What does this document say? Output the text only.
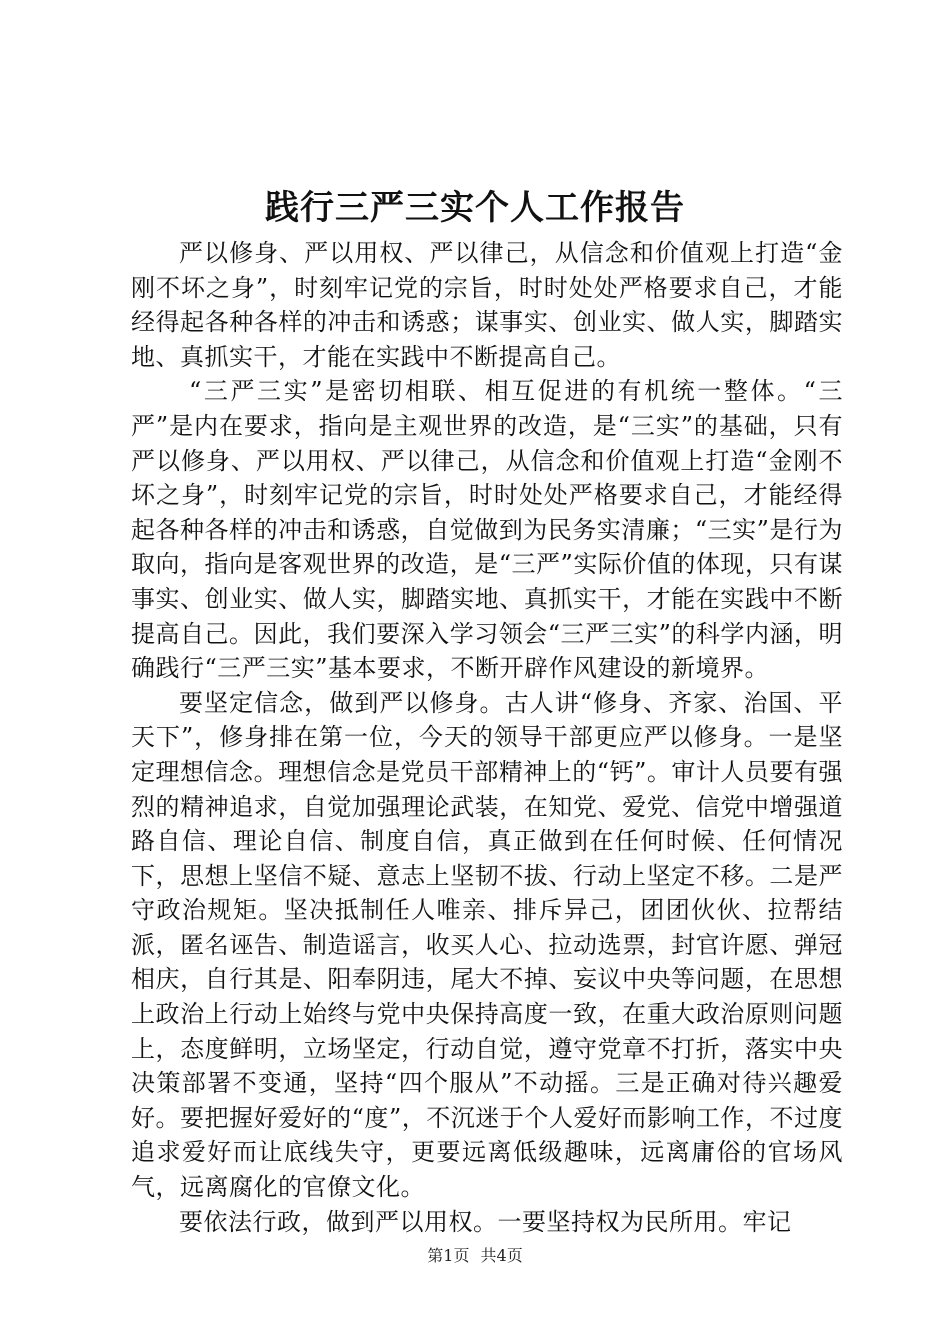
践行三严三实个人工作报告

严以修身、严以用权、严以律己，从信念和价值观上打造“金刚不坏之身”，时刻牢记党的宗旨，时时处处严格要求自己，才能经得起各种各样的冲击和诱惑；谋事实、创业实、做人实，脚踏实地、真抓实干，才能在实践中不断提高自己。

“三严三实”是密切相联、相互促进的有机统一整体。“三严”是内在要求，指向是主观世界的改造，是“三实”的基础，只有严以修身、严以用权、严以律己，从信念和价值观上打造“金刚不坏之身”，时刻牢记党的宗旨，时时处处严格要求自己，才能经得起各种各样的冲击和诱惑，自觉做到为民务实清廉；“三实”是行为取向，指向是客观世界的改造，是“三严”实际价值的体现，只有谋事实、创业实、做人实，脚踏实地、真抓实干，才能在实践中不断提高自己。因此，我们要深入学习领会“三严三实”的科学内涵，明确践行“三严三实”基本要求，不断开辟作风建设的新境界。

要坚定信念，做到严以修身。古人讲“修身、齐家、治国、平天下”，修身排在第一位，今天的领导干部更应严以修身。一是坚定理想信念。理想信念是党员干部精神上的“钙”。审计人员要有强烈的精神追求，自觉加强理论武装，在知党、爱党、信党中增强道路自信、理论自信、制度自信，真正做到在任何时候、任何情况下，思想上坚信不疑、意志上坚韧不拔、行动上坚定不移。二是严守政治规矩。坚决抵制任人唯亲、排斥异己，团团伙伙、拉帮结派，匿名诬告、制造谣言，收买人心、拉动选票，封官许愿、弹冠相庆，自行其是、阳奉阴违，尾大不掉、妄议中央等问题，在思想上政治上行动上始终与党中央保持高度一致，在重大政治原则问题上，态度鲜明，立场坚定，行动自觉，遵守党章不打折，落实中央决策部署不变通，坚持“四个服从”不动摇。三是正确对待兴趣爱好。要把握好爱好的“度”，不沉迷于个人爱好而影响工作，不过度追求爱好而让底线失守，更要远离低级趣味，远离庸俗的官场风气，远离腐化的官僚文化。

要依法行政，做到严以用权。一要坚持权为民所用。牢记

第1页 共4页
